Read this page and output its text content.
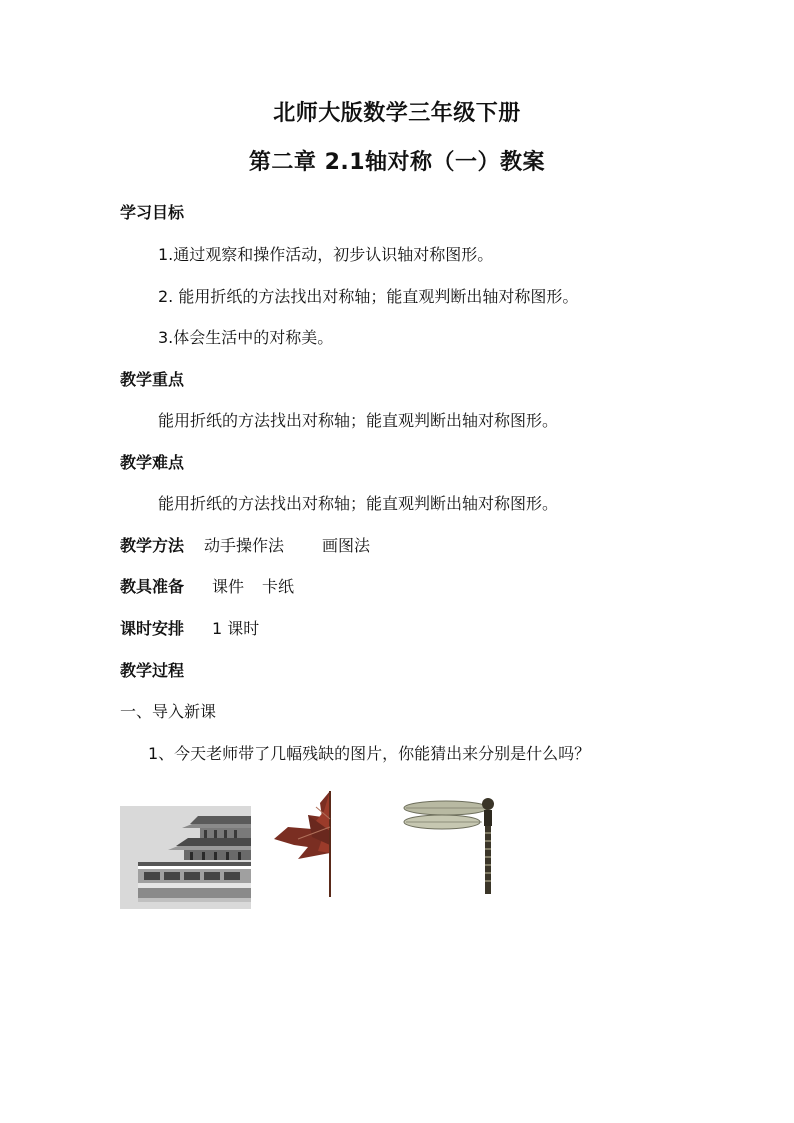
北师大版数学三年级下册
第二章 2.1轴对称（一）教案
学习目标
1.通过观察和操作活动，初步认识轴对称图形。
2. 能用折纸的方法找出对称轴；能直观判断出轴对称图形。
3.体会生活中的对称美。
教学重点
能用折纸的方法找出对称轴；能直观判断出轴对称图形。
教学难点
能用折纸的方法找出对称轴；能直观判断出轴对称图形。
教学方法 动手操作法 画图法
教具准备 课件 卡纸
课时安排 1 课时
教学过程
一、导入新课
1、今天老师带了几幅残缺的图片，你能猜出来分别是什么吗？
